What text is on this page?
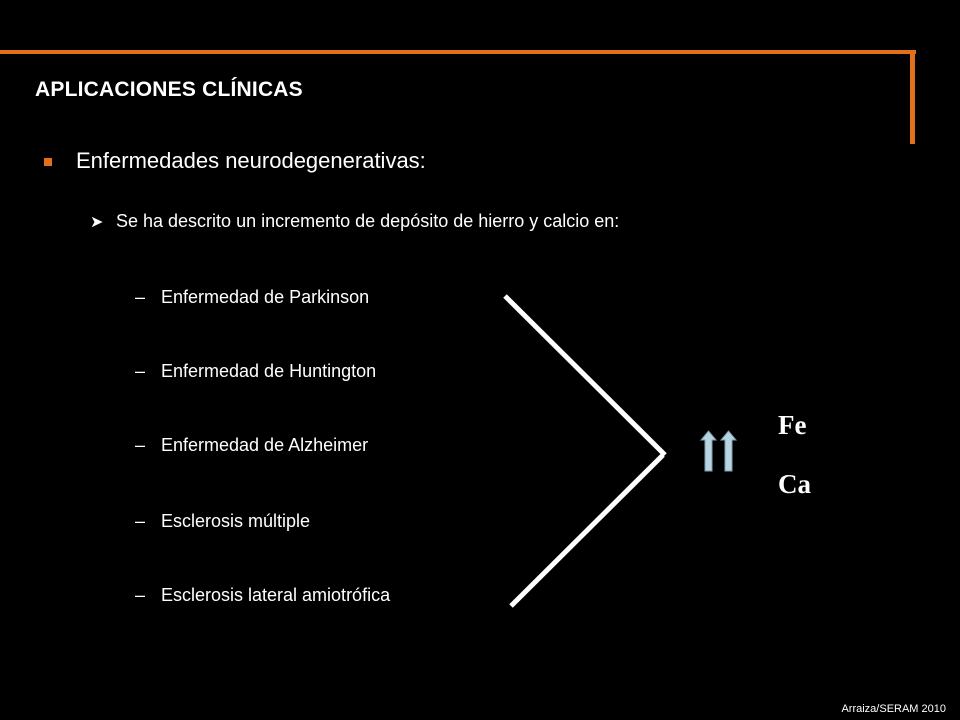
APLICACIONES CLÍNICAS
Enfermedades neurodegenerativas:
➤ Se ha descrito un incremento de depósito de hierro y calcio en:
– Enfermedad de Parkinson
– Enfermedad de Huntington
– Enfermedad de Alzheimer
– Esclerosis múltiple
– Esclerosis lateral amiotrófica
Fe
Ca
Arraiza/SERAM 2010
